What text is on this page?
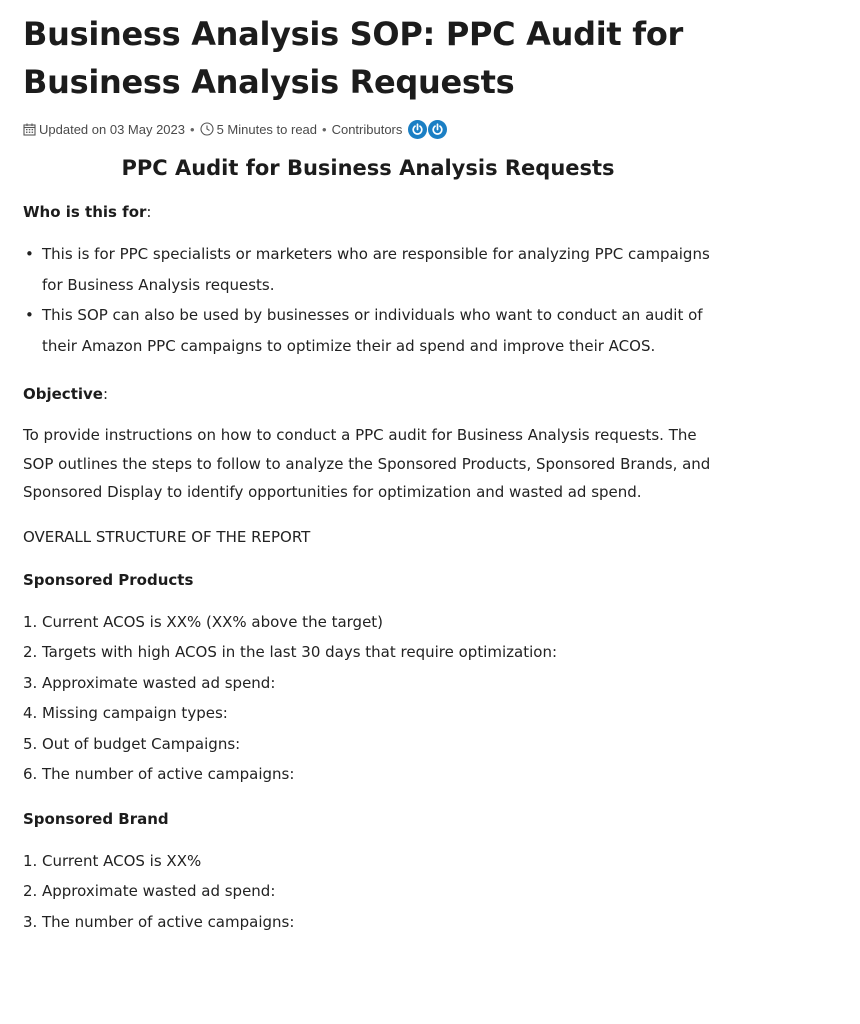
Business Analysis SOP: PPC Audit for Business Analysis Requests
Updated on 03 May 2023 • 5 Minutes to read • Contributors
PPC Audit for Business Analysis Requests

Who is this for:

• This is for PPC specialists or marketers who are responsible for analyzing PPC campaigns for Business Analysis requests.
• This SOP can also be used by businesses or individuals who want to conduct an audit of their Amazon PPC campaigns to optimize their ad spend and improve their ACOS.

Objective:

To provide instructions on how to conduct a PPC audit for Business Analysis requests. The SOP outlines the steps to follow to analyze the Sponsored Products, Sponsored Brands, and Sponsored Display to identify opportunities for optimization and wasted ad spend.

OVERALL STRUCTURE OF THE REPORT

Sponsored Products

1. Current ACOS is XX% (XX% above the target)
2. Targets with high ACOS in the last 30 days that require optimization:
3. Approximate wasted ad spend:
4. Missing campaign types:
5. Out of budget Campaigns:
6. The number of active campaigns:

Sponsored Brand

1. Current ACOS is XX%
2. Approximate wasted ad spend:
3. The number of active campaigns:
